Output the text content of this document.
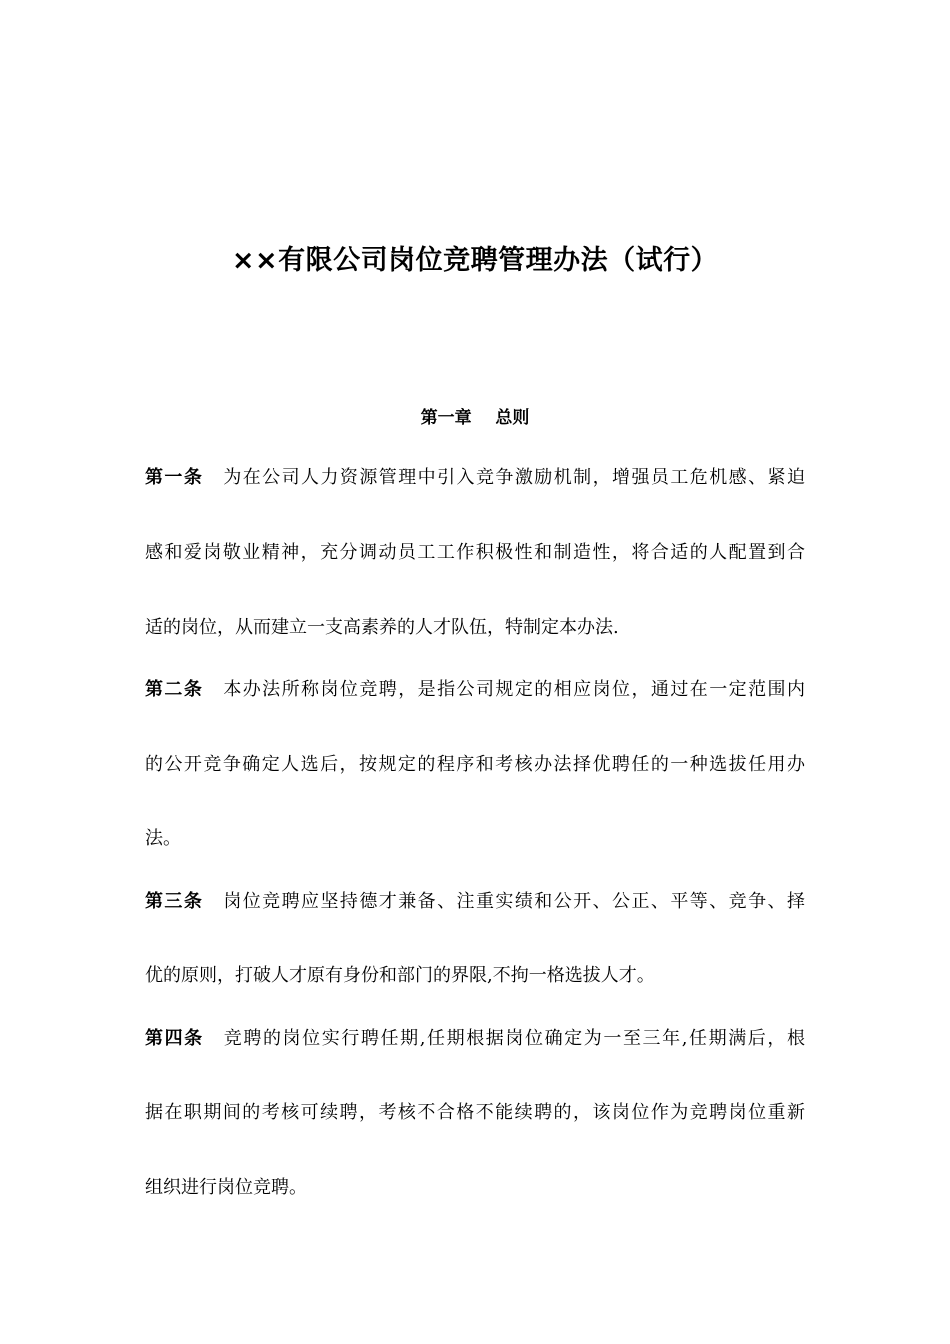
××有限公司岗位竞聘管理办法（试行）
第一章    总则
第一条 为在公司人力资源管理中引入竞争激励机制，增强员工危机感、紧迫
感和爱岗敬业精神，充分调动员工工作积极性和制造性，将合适的人配置到合
适的岗位，从而建立一支高素养的人才队伍，特制定本办法.
第二条 本办法所称岗位竞聘，是指公司规定的相应岗位，通过在一定范围内
的公开竞争确定人选后，按规定的程序和考核办法择优聘任的一种选拔任用办
法。
第三条 岗位竞聘应坚持德才兼备、注重实绩和公开、公正、平等、竞争、择
优的原则，打破人才原有身份和部门的界限,不拘一格选拔人才。
第四条 竞聘的岗位实行聘任期,任期根据岗位确定为一至三年,任期满后，根
据在职期间的考核可续聘，考核不合格不能续聘的，该岗位作为竞聘岗位重新
组织进行岗位竞聘。
